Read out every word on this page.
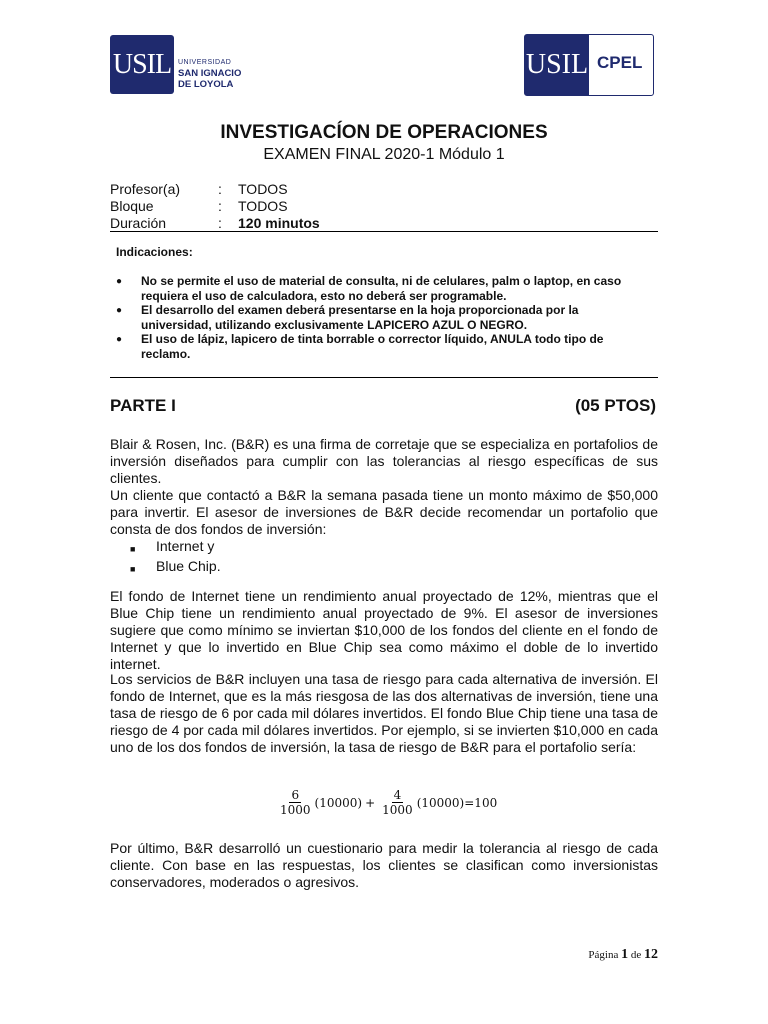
USIL UNIVERSIDAD
SAN IGNACIO
DE LOYOLA
USIL CPEL
INVESTIGACÍON DE OPERACIONES
EXAMEN FINAL 2020-1 Módulo 1
Profesor(a)	:	TODOS
Bloque	:	TODOS
Duración	:	120 minutos
Indicaciones:
●	No se permite el uso de material de consulta, ni de celulares, palm o laptop, en caso requiera el uso de calculadora, esto no deberá ser programable.
●	El desarrollo del examen deberá presentarse en la hoja proporcionada por la universidad, utilizando exclusivamente LAPICERO AZUL O NEGRO.
●	El uso de lápiz, lapicero de tinta borrable o corrector líquido, ANULA todo tipo de reclamo.
PARTE I	(05 PTOS)
Blair & Rosen, Inc. (B&R) es una firma de corretaje que se especializa en portafolios de inversión diseñados para cumplir con las tolerancias al riesgo específicas de sus clientes.
Un cliente que contactó a B&R la semana pasada tiene un monto máximo de $50,000 para invertir. El asesor de inversiones de B&R decide recomendar un portafolio que consta de dos fondos de inversión:
■	Internet y
■	Blue Chip.
El fondo de Internet tiene un rendimiento anual proyectado de 12%, mientras que el Blue Chip tiene un rendimiento anual proyectado de 9%. El asesor de inversiones sugiere que como mínimo se inviertan $10,000 de los fondos del cliente en el fondo de Internet y que lo invertido en Blue Chip sea como máximo el doble de lo invertido internet.
Los servicios de B&R incluyen una tasa de riesgo para cada alternativa de inversión. El fondo de Internet, que es la más riesgosa de las dos alternativas de inversión, tiene una tasa de riesgo de 6 por cada mil dólares invertidos. El fondo Blue Chip tiene una tasa de riesgo de 4 por cada mil dólares invertidos. Por ejemplo, si se invierten $10,000 en cada uno de los dos fondos de inversión, la tasa de riesgo de B&R para el portafolio sería:
$\frac{6}{1000} (10000) + \frac{4}{1000} (10000) =100$
Por último, B&R desarrolló un cuestionario para medir la tolerancia al riesgo de cada cliente. Con base en las respuestas, los clientes se clasifican como inversionistas conservadores, moderados o agresivos.
Página 1 de 12
